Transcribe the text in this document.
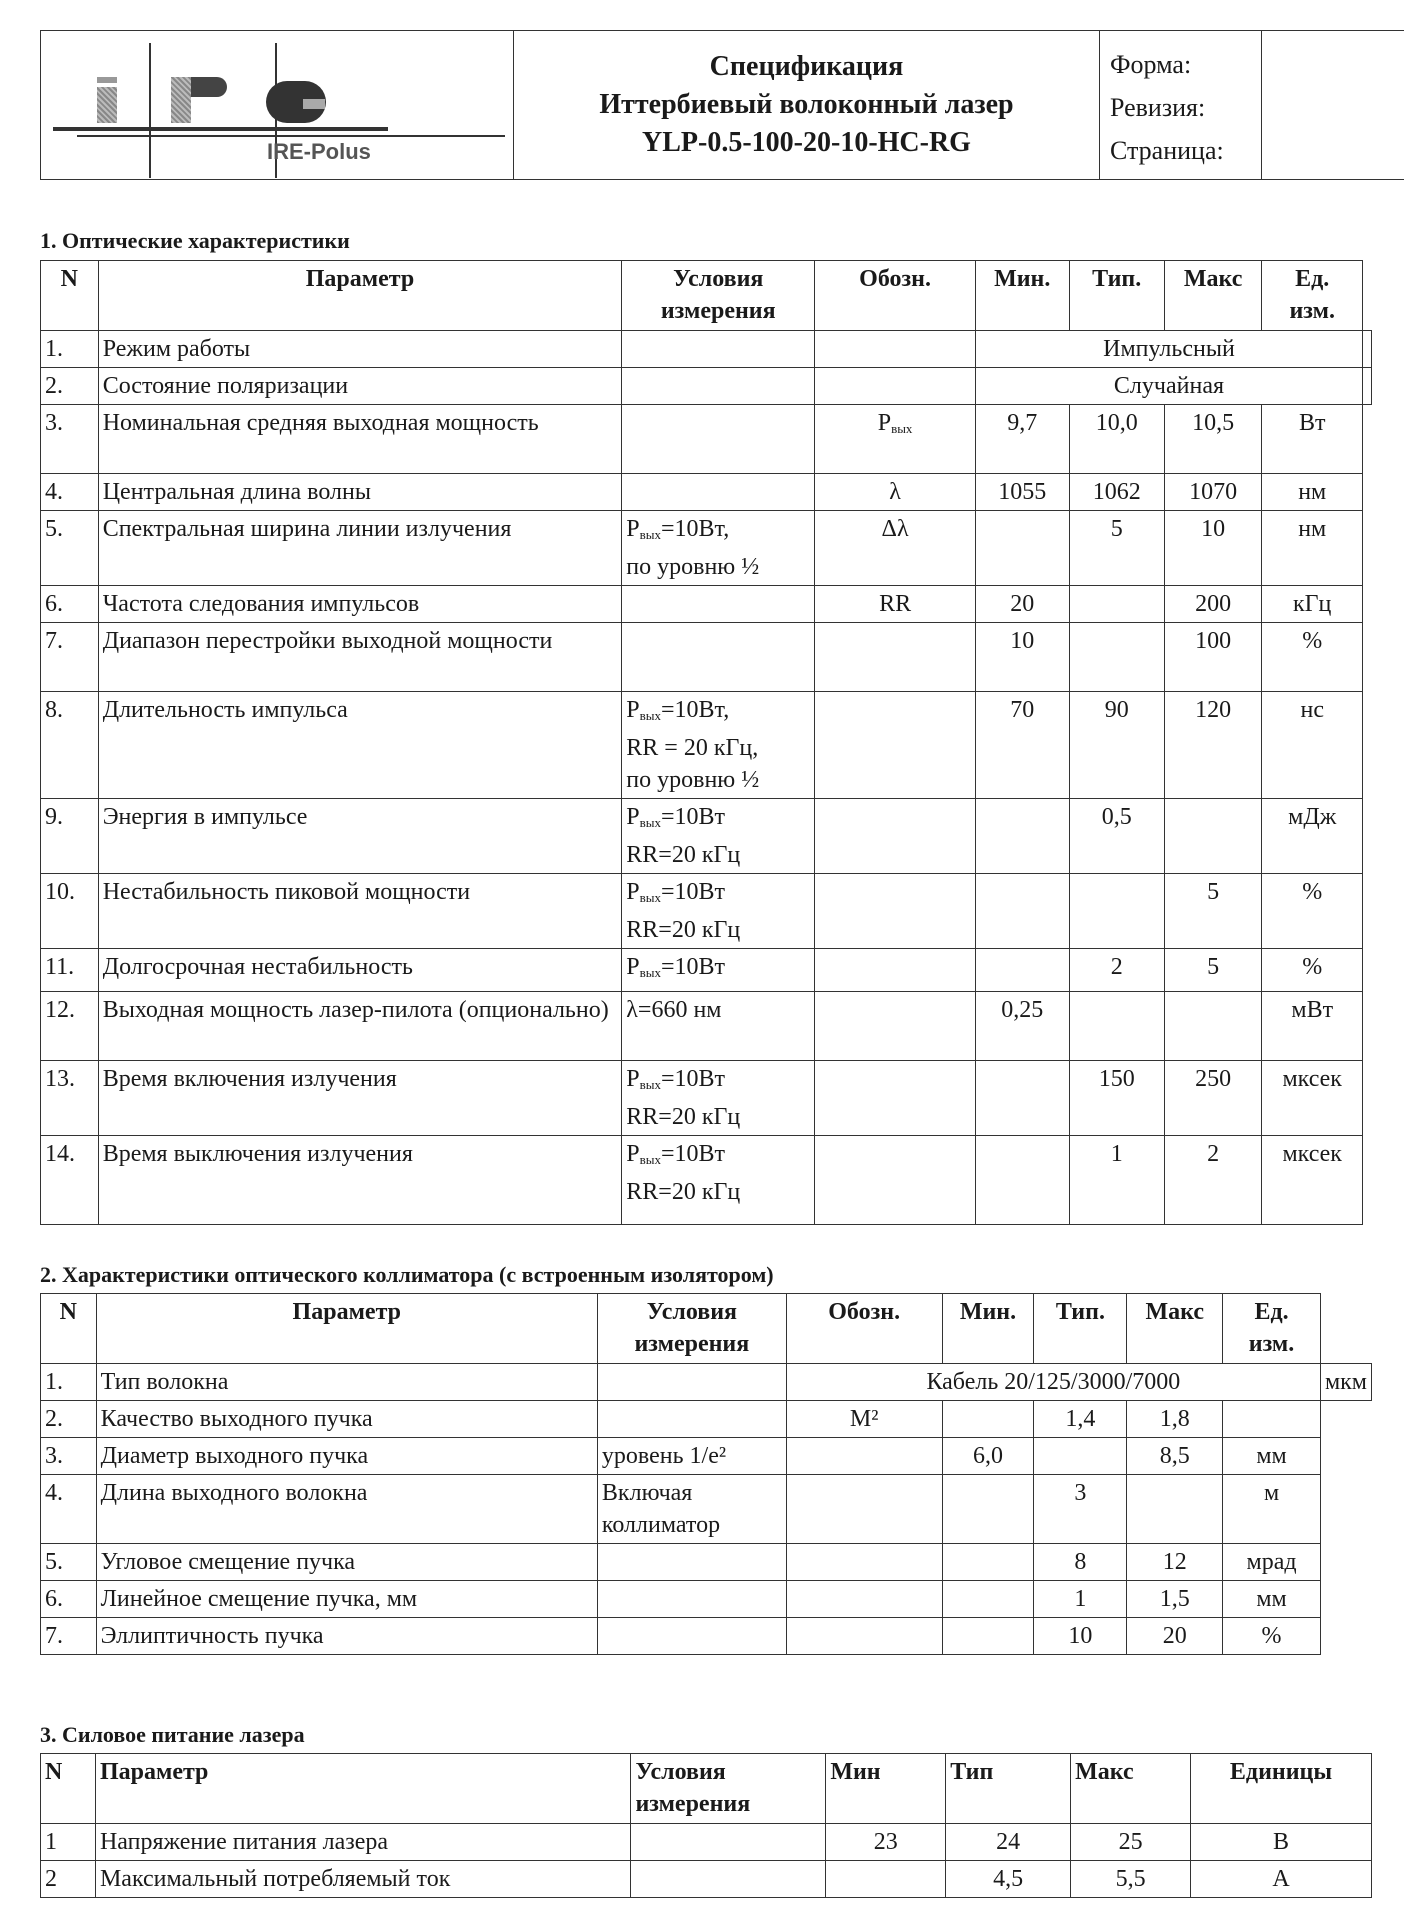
IRE-Polus
Спецификация
Иттербиевый волоконный лазер
YLP-0.5-100-20-10-HC-RG
Форма:
Ревизия:
Страница:
1. Оптические характеристики
N	Параметр	Условия
измерения	Обозн.	Мин.	Тип.	Макс	Ед.
изм.	
1.	Режим работы			Импульсный				
2.	Состояние поляризации			Случайная				
3.	Номинальная средняя выходная мощность		$P_{вых}$	9,7	10,0	10,5	Вт	
4.	Центральная длина волны		λ	1055	1062	1070	нм	
5.	Спектральная ширина линии излучения	$P_{вых}=10Вт$,
по уровню ½	Δλ		5	10	нм	
6.	Частота следования импульсов		RR	20		200	кГц	
7.	Диапазон перестройки выходной мощности			10		100	%	
8.	Длительность импульса	$P_{вых}=10Вт$,
RR = 20 кГц,
по уровню ½		70	90	120	нс	
9.	Энергия в импульсе	$P_{вых}=10Вт$
RR=20 кГц			0,5		мДж	
10.	Нестабильность пиковой мощности	$P_{вых}=10Вт$
RR=20 кГц				5	%	
11.	Долгосрочная нестабильность	$P_{вых}=10Вт$			2	5	%	
12.	Выходная мощность лазер-пилота (опционально)	λ=660 нм		0,25			мВт	
13.	Время включения излучения	$P_{вых}=10Вт$
RR=20 кГц			150	250	мксек	
14.	Время выключения излучения	$P_{вых}=10Вт$
RR=20 кГц			1	2	мксек	
2. Характеристики оптического коллиматора (с встроенным изолятором)
N	Параметр	Условия
измерения	Обозн.	Мин.	Тип.	Макс	Ед.
изм.	
1.	Тип волокна		Кабель 20/125/3000/7000					мкм
2.	Качество выходного пучка		M²		1,4	1,8		
3.	Диаметр выходного пучка	уровень 1/e²		6,0		8,5	мм	
4.	Длина выходного волокна	Включая коллиматор			3		м	
5.	Угловое смещение пучка				8	12	мрад	
6.	Линейное смещение пучка, мм				1	1,5	мм	
7.	Эллиптичность пучка				10	20	%	
3. Силовое питание лазера
N	Параметр	Условия
измерения	Мин	Тип	Макс	Единицы
1	Напряжение питания лазера		23	24	25	В
2	Максимальный потребляемый ток			4,5	5,5	А
